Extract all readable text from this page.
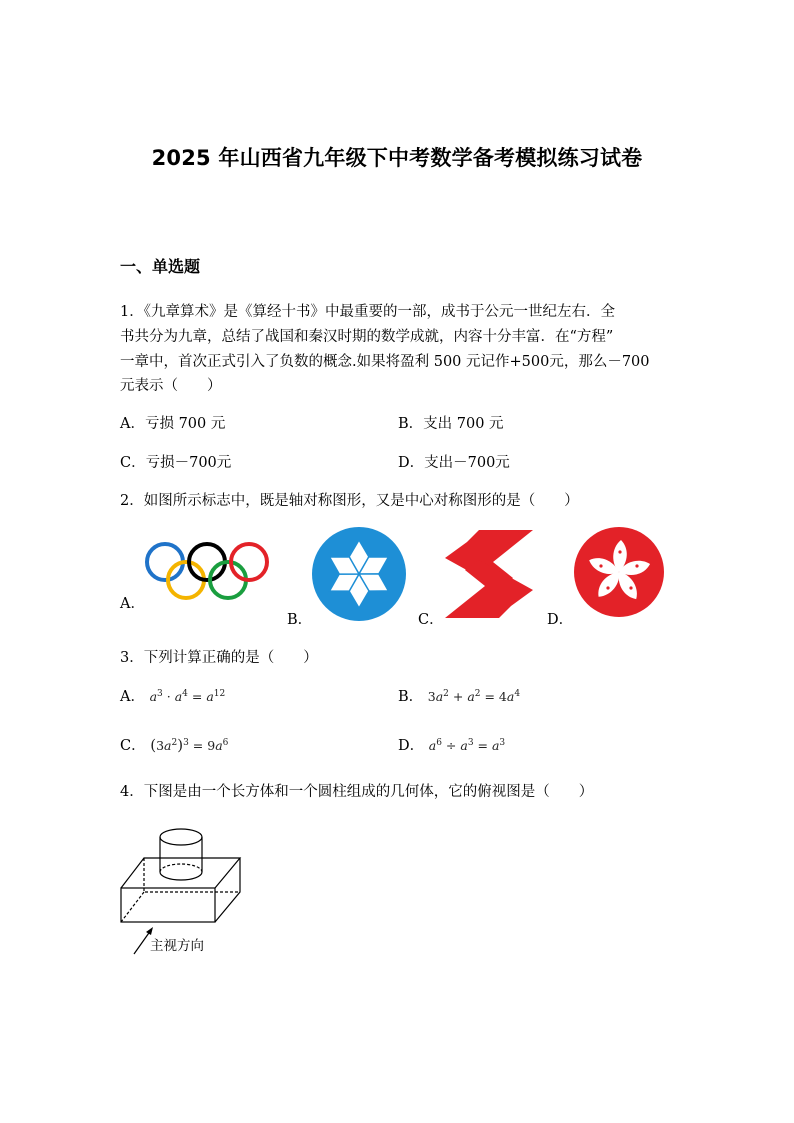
2025 年山西省九年级下中考数学备考模拟练习试卷
一、单选题
1．《九章算术》是《算经十书》中最重要的一部，成书于公元一世纪左右．全
书共分为九章，总结了战国和秦汉时期的数学成就，内容十分丰富．在“方程”
一章中，首次正式引入了负数的概念.如果将盈利 500 元记作+500元，那么－700
元表示（　　）
A．亏损 700 元	B．支出 700 元
C．亏损－700元	D．支出－700元
2．如图所示标志中，既是轴对称图形，又是中心对称图形的是（　　）
A．
B．	C．	D．
3．下列计算正确的是（　　）
A． $a^3 \cdot a^4 = a^{12}$	B． $3a^2 + a^2 = 4a^4$
C． $(3a^2)^3 = 9a^6$	D． $a^6 \div a^3 = a^3$
4．下图是由一个长方体和一个圆柱组成的几何体，它的俯视图是（　　）
主视方向
